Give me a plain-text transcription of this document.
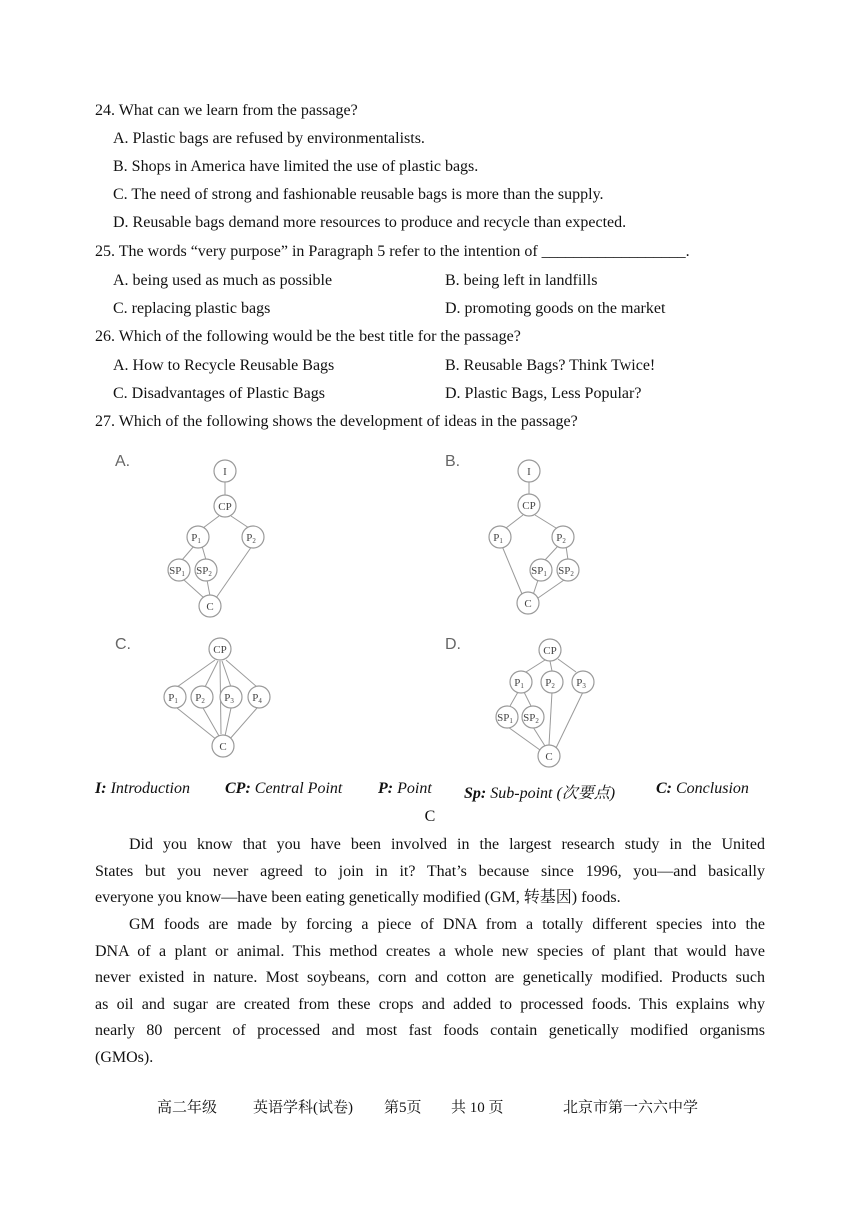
24. What can we learn from the passage?
A. Plastic bags are refused by environmentalists.
B. Shops in America have limited the use of plastic bags.
C. The need of strong and fashionable reusable bags is more than the supply.
D. Reusable bags demand more resources to produce and recycle than expected.
25. The words “very purpose” in Paragraph 5 refer to the intention of __________________.
A. being used as much as possible	B. being left in landfills
C. replacing plastic bags	D. promoting goods on the market
26. Which of the following would be the best title for the passage?
A. How to Recycle Reusable Bags	B. Reusable Bags? Think Twice!
C. Disadvantages of Plastic Bags	D. Plastic Bags, Less Popular?
27. Which of the following shows the development of ideas in the passage?
A.	B.
C.	D.
I
CP
P1	P2
SP1 SP2
C
I
CP
P1	P2
SP1 SP2
C
CP
P1 P2 P3 P4
C
CP
P1 P2 P3
SP1 SP2
C
I: Introduction CP: Central Point P: Point Sp: Sub-point (次要点)	C: Conclusion
C
Did you know that you have been involved in the largest research study in the United
States but you never agreed to join in it? That’s because since 1996, you—and basically
everyone you know—have been eating genetically modified (GM, 转基因) foods.
GM foods are made by forcing a piece of DNA from a totally different species into the
DNA of a plant or animal. This method creates a whole new species of plant that would have
never existed in nature. Most soybeans, corn and cotton are genetically modified. Products such
as oil and sugar are created from these crops and added to processed foods. This explains why
nearly 80 percent of processed and most fast foods contain genetically modified organisms
(GMOs).
高二年级 英语学科(试卷) 第5页 共 10 页	北京市第一六六中学
